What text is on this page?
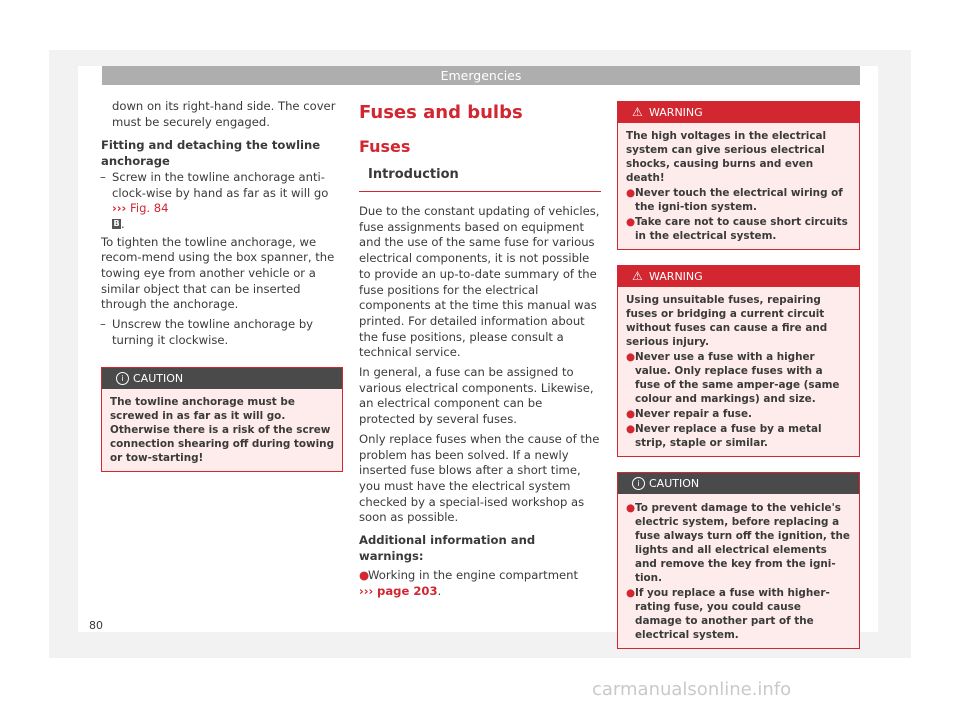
Emergencies

down on its right-hand side. The cover must be securely engaged.

Fitting and detaching the towline anchorage

– Screw in the towline anchorage anti-clock-wise by hand as far as it will go ››› Fig. 84
B.

To tighten the towline anchorage, we recom-mend using the box spanner, the towing eye from another vehicle or a similar object that can be inserted through the anchorage.

– Unscrew the towline anchorage by turning it clockwise.
i CAUTION
The towline anchorage must be screwed in as far as it will go. Otherwise there is a risk of the screw connection shearing off during towing or tow-starting!
Fuses and bulbs
Fuses
Introduction

Due to the constant updating of vehicles, fuse assignments based on equipment and the use of the same fuse for various electrical components, it is not possible to provide an up-to-date summary of the fuse positions for the electrical components at the time this manual was printed. For detailed information about the fuse positions, please consult a technical service.

In general, a fuse can be assigned to various electrical components. Likewise, an electrical component can be protected by several fuses.

Only replace fuses when the cause of the problem has been solved. If a newly inserted fuse blows after a short time, you must have the electrical system checked by a special-ised workshop as soon as possible.

Additional information and warnings:

●
Working in the engine compartment
››› page 203.
⚠ WARNING
The high voltages in the electrical system can give serious electrical shocks, causing burns and even death!
● Never touch the electrical wiring of the igni-tion system.
● Take care not to cause short circuits in the electrical system.
⚠ WARNING
Using unsuitable fuses, repairing fuses or bridging a current circuit without fuses can cause a fire and serious injury.
● Never use a fuse with a higher value. Only replace fuses with a fuse of the same amper-age (same colour and markings) and size.
● Never repair a fuse.
● Never replace a fuse by a metal strip, staple or similar.
i CAUTION
● To prevent damage to the vehicle's electric system, before replacing a fuse always turn off the ignition, the lights and all electrical elements and remove the key from the igni-tion.
● If you replace a fuse with higher-rating fuse, you could cause damage to another part of the electrical system.
80
carmanualsonline.info
